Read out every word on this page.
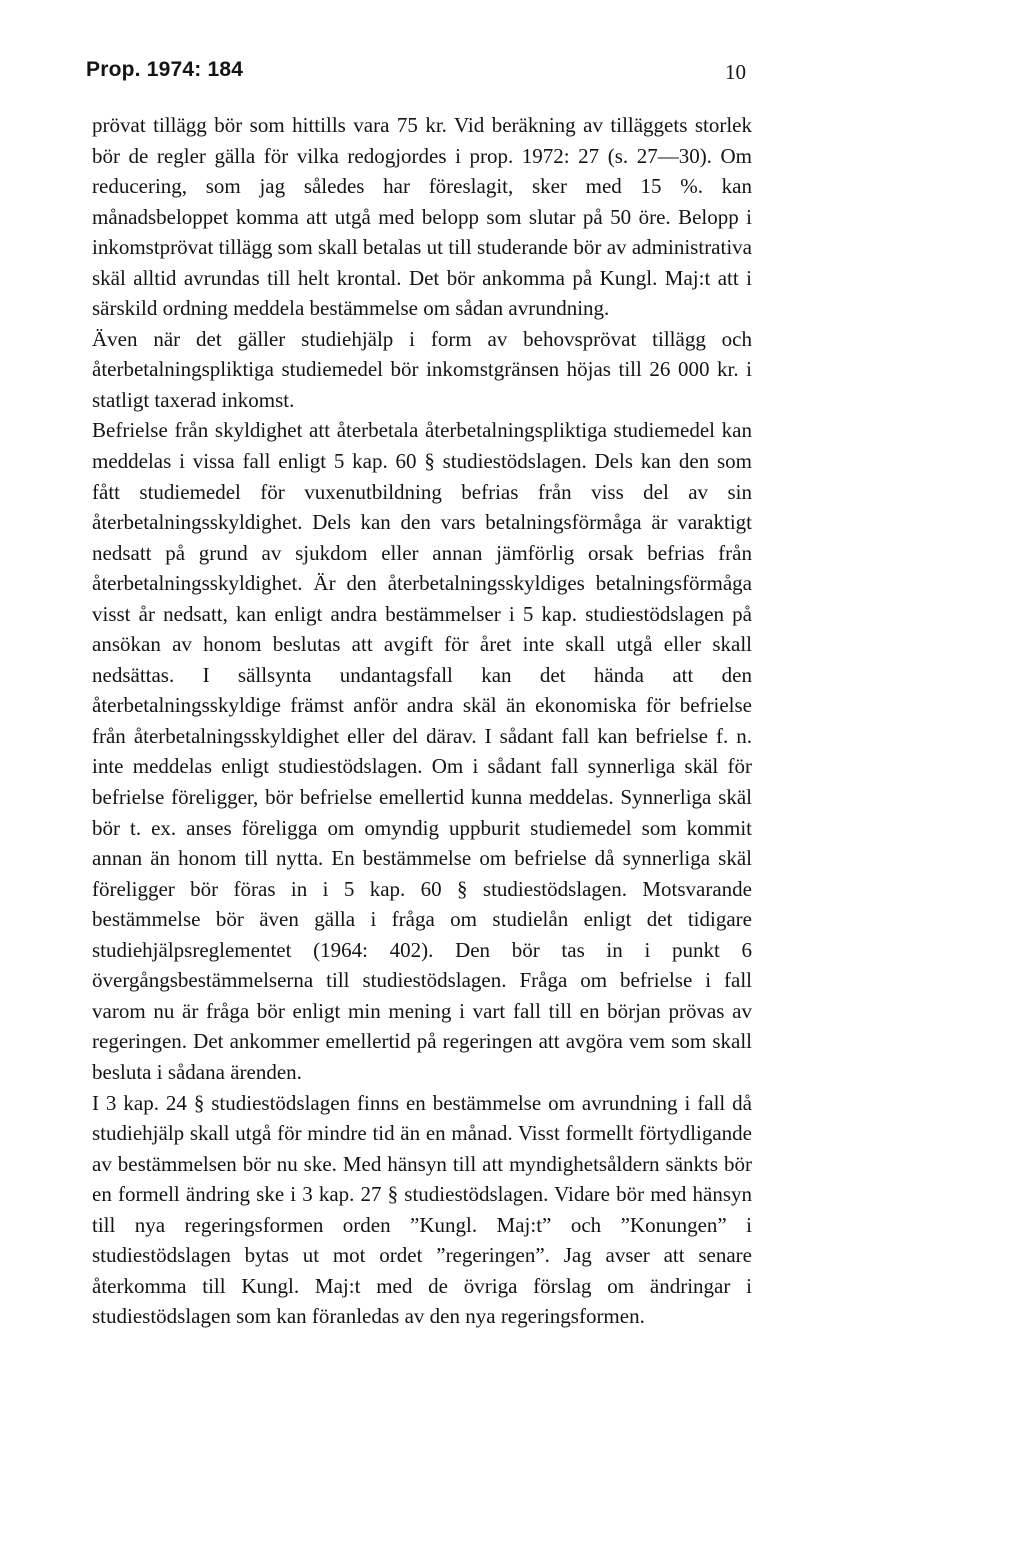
Prop. 1974: 184	10

prövat tillägg bör som hittills vara 75 kr. Vid beräkning av tilläggets storlek bör de regler gälla för vilka redogjordes i prop. 1972: 27 (s. 27—30). Om reducering, som jag således har föreslagit, sker med 15 %. kan månadsbeloppet komma att utgå med belopp som slutar på 50 öre. Belopp i inkomstprövat tillägg som skall betalas ut till studerande bör av administrativa skäl alltid avrundas till helt krontal. Det bör ankomma på Kungl. Maj:t att i särskild ordning meddela bestämmelse om sådan avrundning.

Även när det gäller studiehjälp i form av behovsprövat tillägg och återbetalningspliktiga studiemedel bör inkomstgränsen höjas till 26 000 kr. i statligt taxerad inkomst.

Befrielse från skyldighet att återbetala återbetalningspliktiga studiemedel kan meddelas i vissa fall enligt 5 kap. 60 § studiestödslagen. Dels kan den som fått studiemedel för vuxenutbildning befrias från viss del av sin återbetalningsskyldighet. Dels kan den vars betalningsförmåga är varaktigt nedsatt på grund av sjukdom eller annan jämförlig orsak befrias från återbetalningsskyldighet. Är den återbetalningsskyldiges betalningsförmåga visst år nedsatt, kan enligt andra bestämmelser i 5 kap. studiestödslagen på ansökan av honom beslutas att avgift för året inte skall utgå eller skall nedsättas. I sällsynta undantagsfall kan det hända att den återbetalningsskyldige främst anför andra skäl än ekonomiska för befrielse från återbetalningsskyldighet eller del därav. I sådant fall kan befrielse f. n. inte meddelas enligt studiestödslagen. Om i sådant fall synnerliga skäl för befrielse föreligger, bör befrielse emellertid kunna meddelas. Synnerliga skäl bör t. ex. anses föreligga om omyndig uppburit studiemedel som kommit annan än honom till nytta. En bestämmelse om befrielse då synnerliga skäl föreligger bör föras in i 5 kap. 60 § studiestödslagen. Motsvarande bestämmelse bör även gälla i fråga om studielån enligt det tidigare studiehjälpsreglementet (1964: 402). Den bör tas in i punkt 6 övergångsbestämmelserna till studiestödslagen. Fråga om befrielse i fall varom nu är fråga bör enligt min mening i vart fall till en början prövas av regeringen. Det ankommer emellertid på regeringen att avgöra vem som skall besluta i sådana ärenden.

I 3 kap. 24 § studiestödslagen finns en bestämmelse om avrundning i fall då studiehjälp skall utgå för mindre tid än en månad. Visst formellt förtydligande av bestämmelsen bör nu ske. Med hänsyn till att myndighetsåldern sänkts bör en formell ändring ske i 3 kap. 27 § studiestödslagen. Vidare bör med hänsyn till nya regeringsformen orden ”Kungl. Maj:t” och ”Konungen” i studiestödslagen bytas ut mot ordet ”regeringen”. Jag avser att senare återkomma till Kungl. Maj:t med de övriga förslag om ändringar i studiestödslagen som kan föranledas av den nya regeringsformen.
